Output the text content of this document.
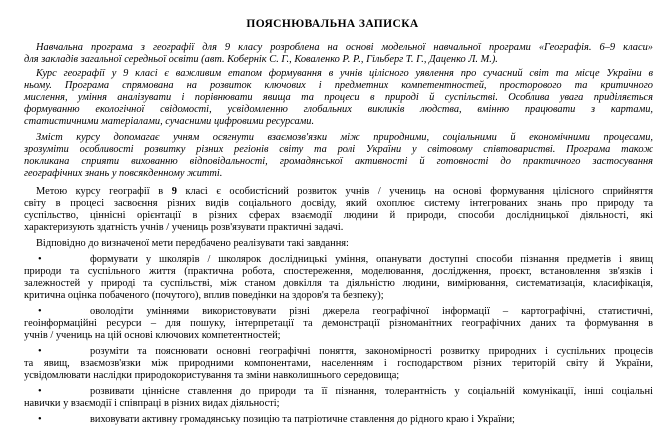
ПОЯСНЮВАЛЬНА ЗАПИСКА
Навчальна програма з географії для 9 класу розроблена на основі модельної навчальної програми «Географія. 6–9 класи»
для закладів загальної середньої освіти (авт. Кобернік С. Г., Коваленко Р. Р., Гільберг Т. Г., Даценко Л. М.).
Курс географії у 9 класі є важливим етапом формування в учнів цілісного уявлення про сучасний світ та місце України в
ньому. Програма спрямована на розвиток ключових і предметних компетентностей, просторового та критичного
мислення, уміння аналізувати і порівнювати явища та процеси в природі й суспільстві. Особлива увага приділяється
формуванню екологічної свідомості, усвідомленню глобальних викликів людства, вмінню працювати з картами,
статистичними матеріалами, сучасними цифровими ресурсами.
Зміст курсу допомагає учням осягнути взаємозв'язки між природними, соціальними й економічними процесами,
зрозуміти особливості розвитку різних регіонів світу та ролі України у світовому співтоваристві. Програма також
покликана сприяти вихованню відповідальності, громадянської активності й готовності до практичного застосування
географічних знань у повсякденному житті.
Метою курсу географії в 9 класі є особистісний розвиток учнів / учениць на основі формування цілісного сприйняття
світу в процесі засвоєння різних видів соціального досвіду, який охоплює систему інтегрованих знань про природу та
суспільство, ціннісні орієнтації в різних сферах взаємодії людини й природи, способи дослідницької діяльності, які
характеризують здатність учнів / учениць розв'язувати практичні задачі.
Відповідно до визначеної мети передбачено реалізувати такі завдання:
•	формувати у школярів / школярок дослідницькі уміння, опанувати доступні способи пізнання предметів і явищ
природи та суспільного життя (практична робота, спостереження, моделювання, дослідження, проєкт, встановлення зв'язків і
залежностей у природі та суспільстві, між станом довкілля та діяльністю людини, вимірювання, систематизація, класифікація,
критична оцінка побаченого (почутого), вплив поведінки на здоров'я та безпеку);
•	оволодіти уміннями використовувати різні джерела географічної інформації – картографічні, статистичні,
геоінформаційні ресурси – для пошуку, інтерпретації та демонстрації різноманітних географічних даних та формування в
учнів / учениць на цій основі ключових компетентностей;
•	розуміти та пояснювати основні географічні поняття, закономірності розвитку природних і суспільних процесів
та явищ, взаємозв'язки між природними компонентами, населенням і господарством різних територій світу й України,
усвідомлювати наслідки природокористування та зміни навколишнього середовища;
•	розвивати ціннісне ставлення до природи та її пізнання, толерантність у соціальній комунікації, інші соціальні
навички у взаємодії і співпраці в різних видах діяльності;
•	виховувати активну громадянську позицію та патріотичне ставлення до рідного краю і України;
